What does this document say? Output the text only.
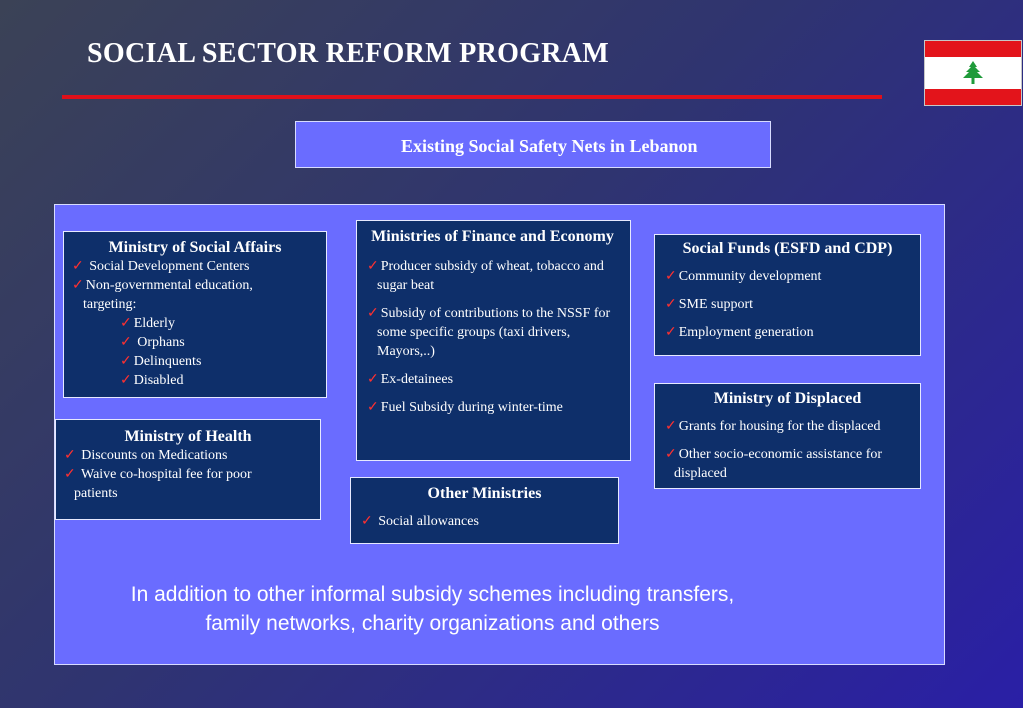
SOCIAL SECTOR REFORM PROGRAM
Existing Social Safety Nets in Lebanon
Ministry of Social Affairs
✓ Social Development Centers
✓ Non-governmental education,
targeting:
✓ Elderly
✓ Orphans
✓ Delinquents
✓ Disabled
Ministries of Finance and Economy
✓ Producer subsidy of wheat, tobacco and sugar beat
✓ Subsidy of contributions to the NSSF for some specific groups (taxi drivers, Mayors,..)
✓ Ex-detainees
✓ Fuel Subsidy during winter-time
Social Funds (ESFD and CDP)
✓ Community development
✓ SME support
✓ Employment generation
Ministry of Health
✓ Discounts on Medications
✓ Waive co-hospital fee for poor
patients	Other Ministries
✓ Social allowances
Ministry of Displaced
✓ Grants for housing for the displaced
✓ Other socio-economic assistance for
displaced
In addition to other informal subsidy schemes including transfers,
family networks, charity organizations and others
